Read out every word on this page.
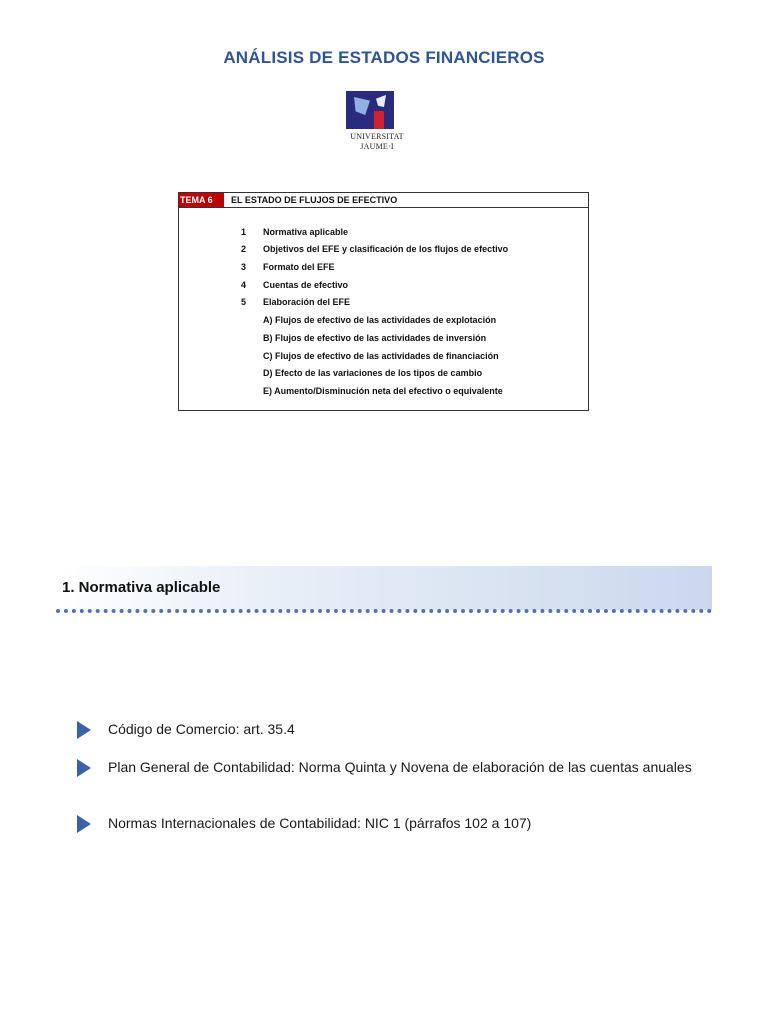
ANÁLISIS DE ESTADOS FINANCIEROS
UNIVERSITAT
JAUME·I
TEMA 6	EL ESTADO DE FLUJOS DE EFECTIVO
1	Normativa aplicable
2	Objetivos del EFE y clasificación de los flujos de efectivo
3	Formato del EFE
4	Cuentas de efectivo
5	Elaboración del EFE
A) Flujos de efectivo de las actividades de explotación
B) Flujos de efectivo de las actividades de inversión
C) Flujos de efectivo de las actividades de financiación
D) Efecto de las variaciones de los tipos de cambio
E) Aumento/Disminución neta del efectivo o equivalente
1. Normativa aplicable
Código de Comercio: art. 35.4
Plan General de Contabilidad: Norma Quinta y Novena de elaboración de las cuentas anuales
Normas Internacionales de Contabilidad: NIC 1 (párrafos 102 a 107)
